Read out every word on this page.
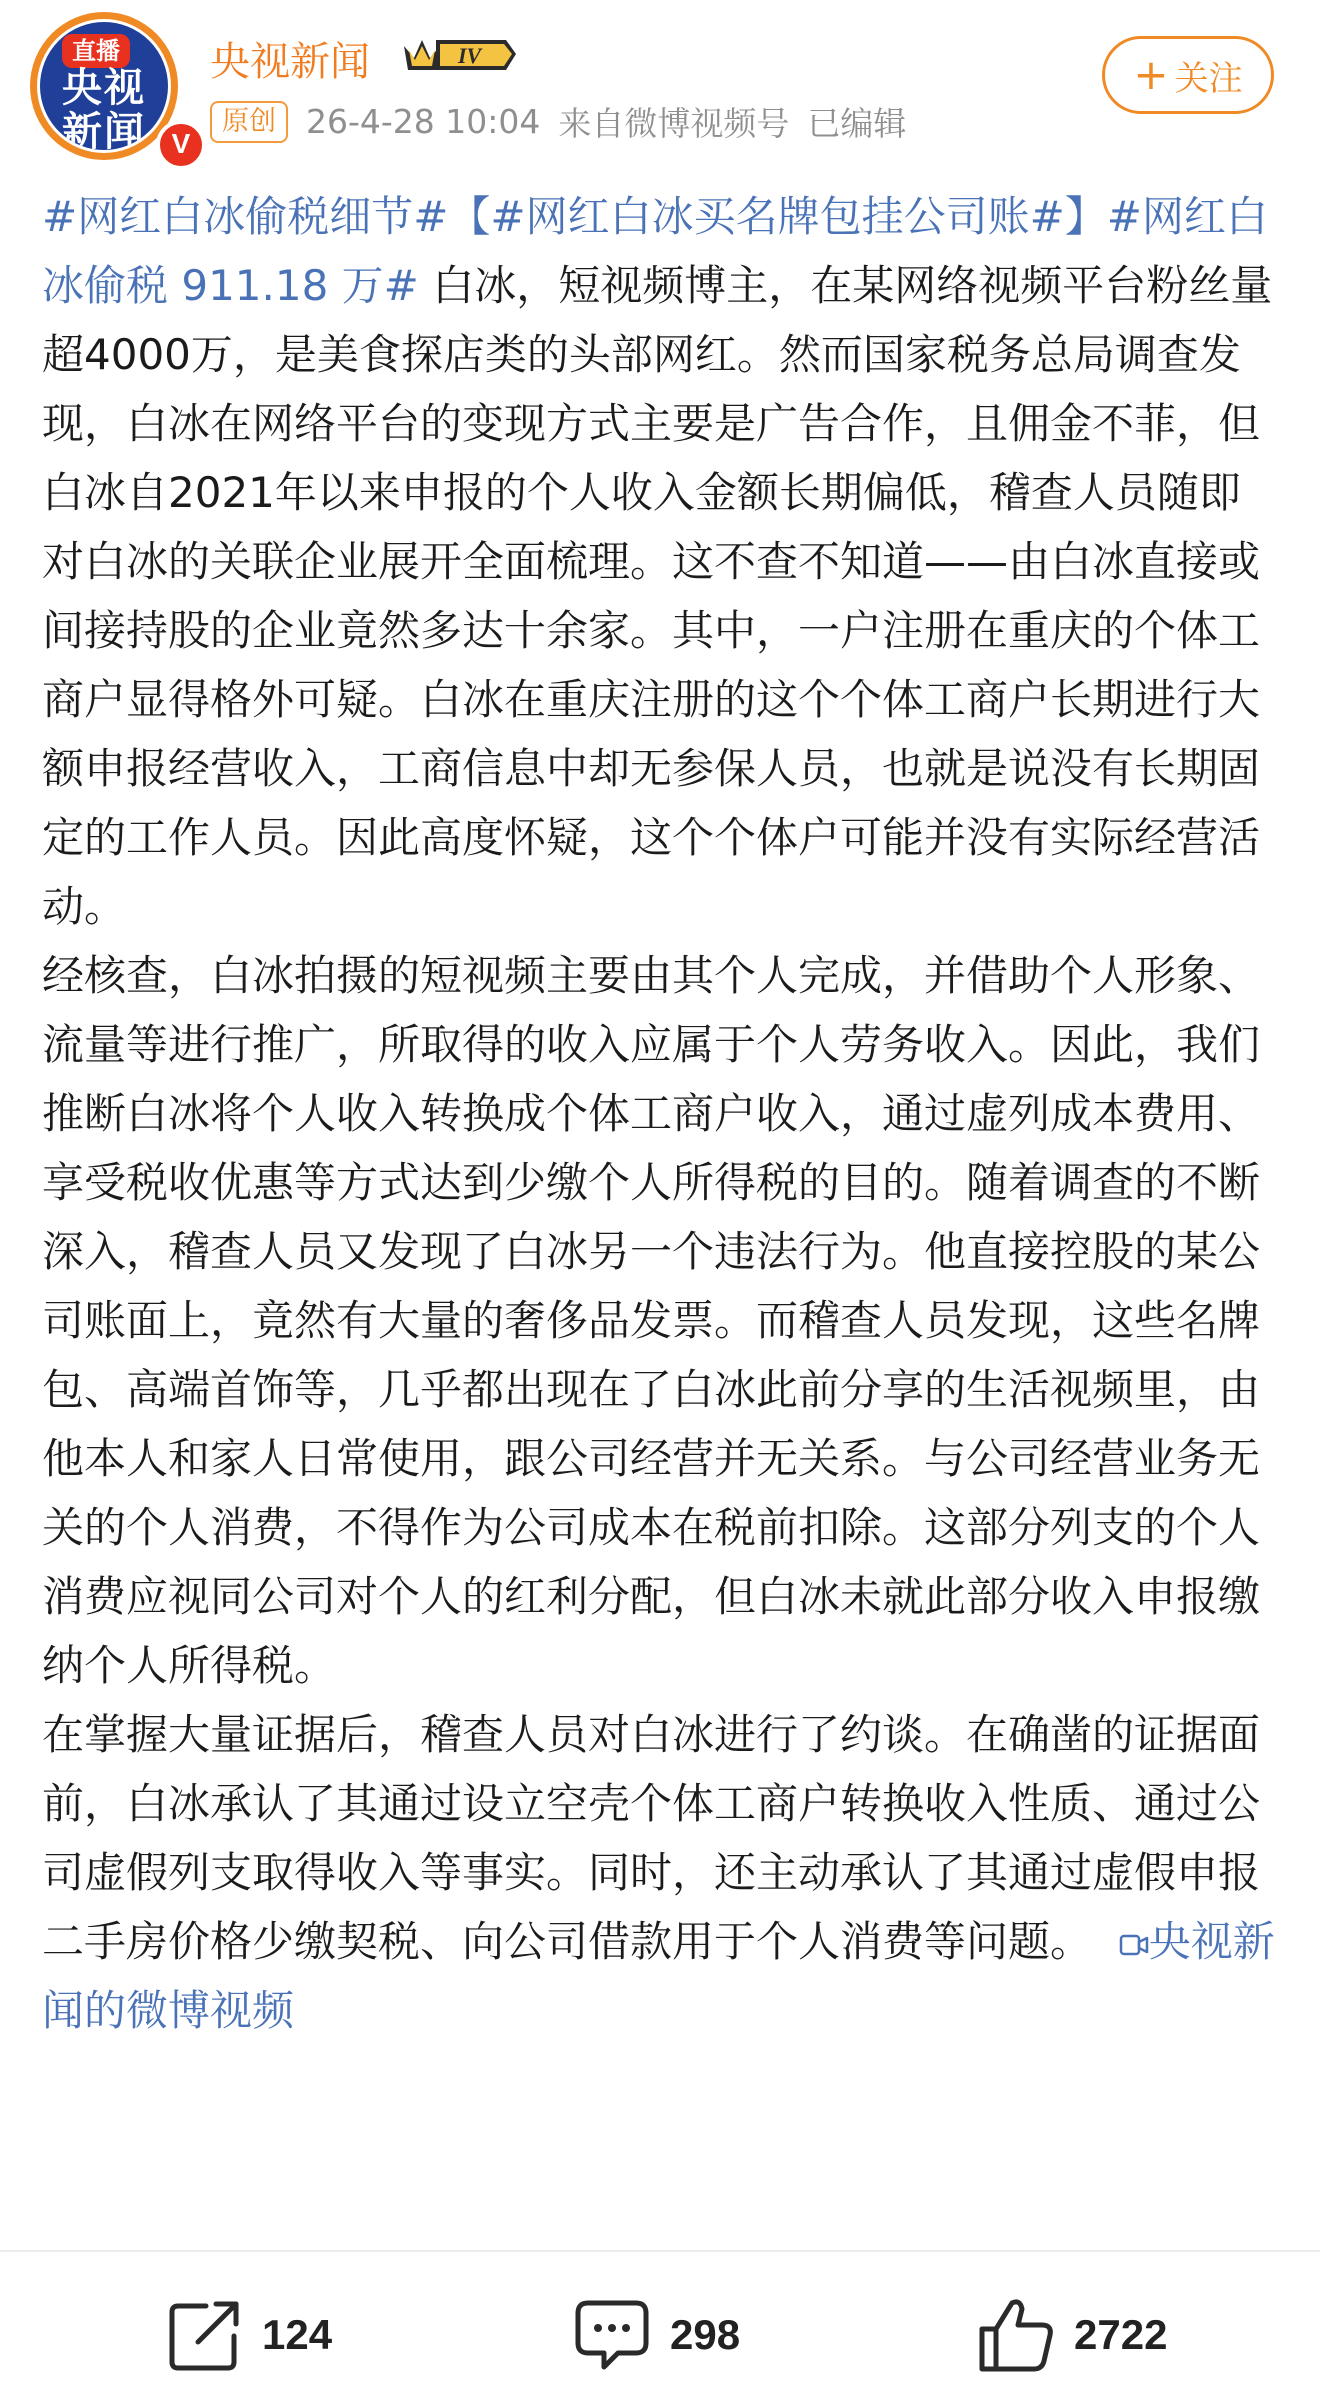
直播
央视新闻 V
央视新闻	IV
原创 26-4-28 10:04 来自微博视频号 已编辑
+ 关注

#网红白冰偷税细节#【#网红白冰买名牌包挂公司账#】#网红白冰偷税 911.18 万# 白冰，短视频博主，在某网络视频平台粉丝量超4000万，是美食探店类的头部网红。然而国家税务总局调查发现，白冰在网络平台的变现方式主要是广告合作，且佣金不菲，但白冰自2021年以来申报的个人收入金额长期偏低，稽查人员随即对白冰的关联企业展开全面梳理。这不查不知道——由白冰直接或间接持股的企业竟然多达十余家。其中，一户注册在重庆的个体工商户显得格外可疑。白冰在重庆注册的这个个体工商户长期进行大额申报经营收入，工商信息中却无参保人员，也就是说没有长期固定的工作人员。因此高度怀疑，这个个体户可能并没有实际经营活动。

经核查，白冰拍摄的短视频主要由其个人完成，并借助个人形象、流量等进行推广，所取得的收入应属于个人劳务收入。因此，我们推断白冰将个人收入转换成个体工商户收入，通过虚列成本费用、享受税收优惠等方式达到少缴个人所得税的目的。随着调查的不断深入，稽查人员又发现了白冰另一个违法行为。他直接控股的某公司账面上，竟然有大量的奢侈品发票。而稽查人员发现，这些名牌包、高端首饰等，几乎都出现在了白冰此前分享的生活视频里，由他本人和家人日常使用，跟公司经营并无关系。与公司经营业务无关的个人消费，不得作为公司成本在税前扣除。这部分列支的个人消费应视同公司对个人的红利分配，但白冰未就此部分收入申报缴纳个人所得税。

在掌握大量证据后，稽查人员对白冰进行了约谈。在确凿的证据面前，白冰承认了其通过设立空壳个体工商户转换收入性质、通过公司虚假列支取得收入等事实。同时，还主动承认了其通过虚假申报二手房价格少缴契税、向公司借款用于个人消费等问题。 央视新闻的微博视频

124	298	2722
